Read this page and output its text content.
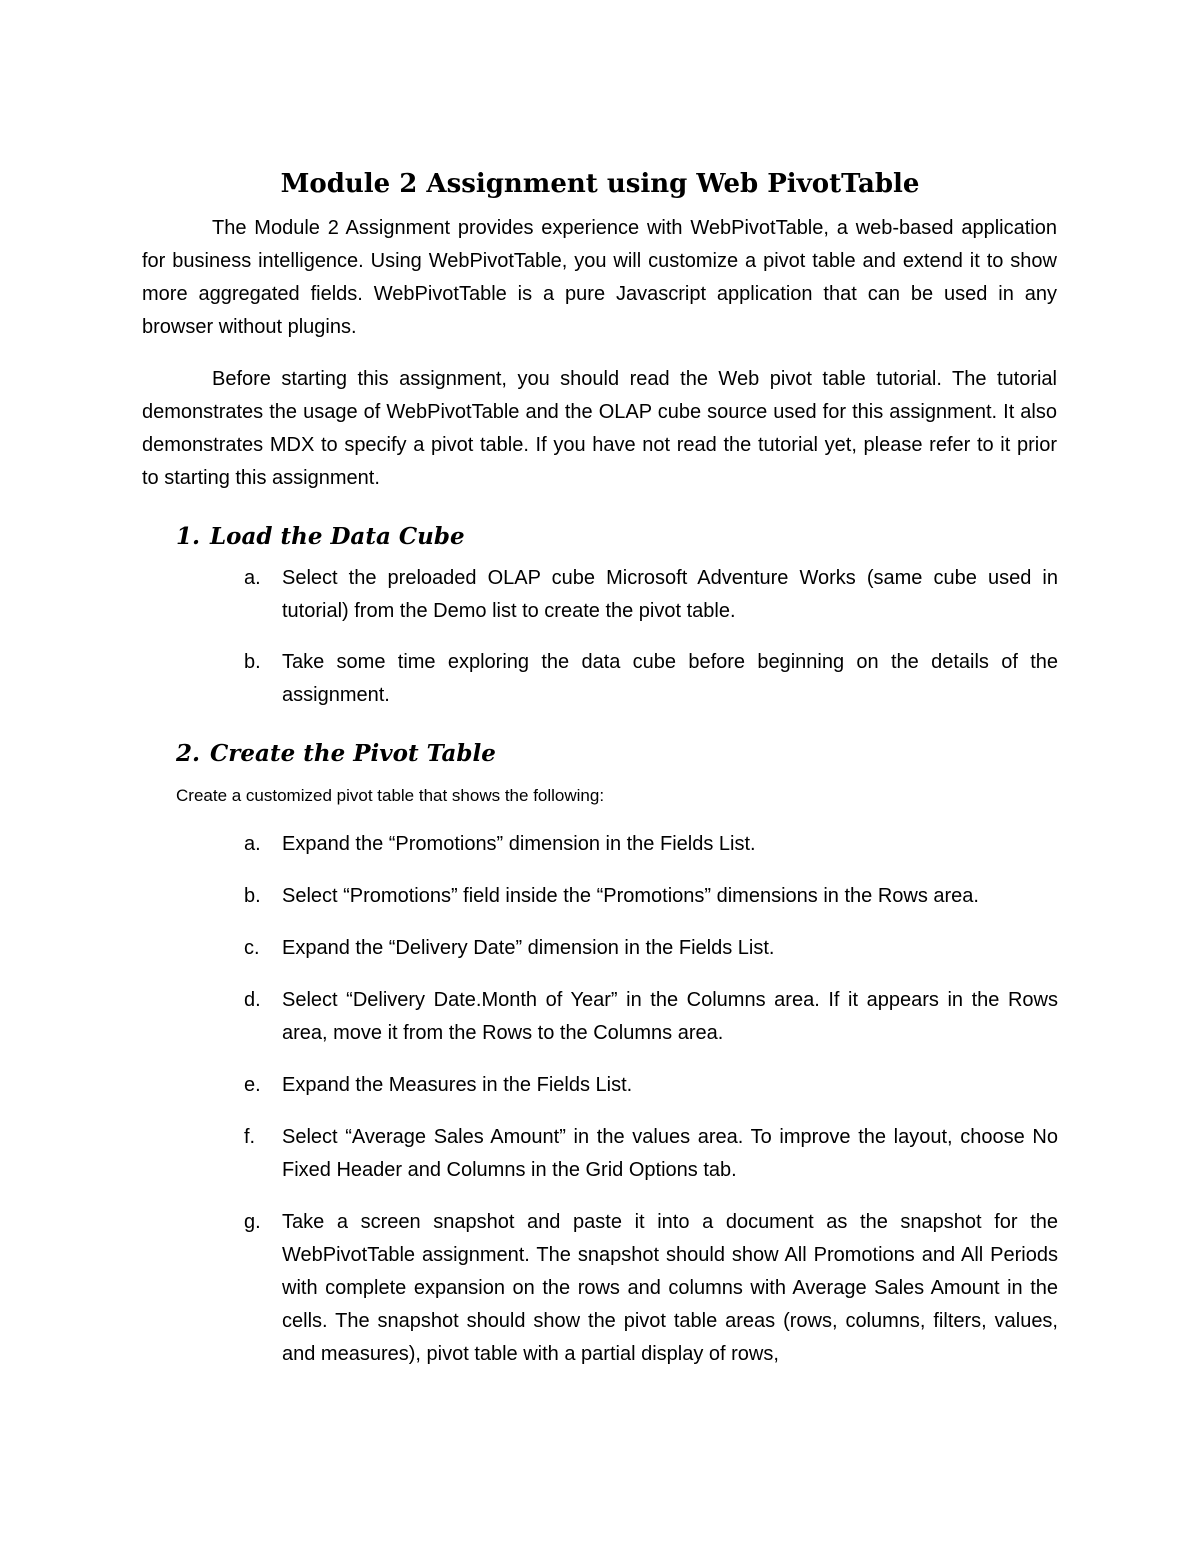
Module 2 Assignment using Web PivotTable

The Module 2 Assignment provides experience with WebPivotTable, a web-based application for business intelligence. Using WebPivotTable, you will customize a pivot table and extend it to show more aggregated fields. WebPivotTable is a pure Javascript application that can be used in any browser without plugins.

Before starting this assignment, you should read the Web pivot table tutorial. The tutorial demonstrates the usage of WebPivotTable and the OLAP cube source used for this assignment. It also demonstrates MDX to specify a pivot table. If you have not read the tutorial yet, please refer to it prior to starting this assignment.

1. Load the Data Cube
a. Select the preloaded OLAP cube Microsoft Adventure Works (same cube used in tutorial) from the Demo list to create the pivot table.
b. Take some time exploring the data cube before beginning on the details of the assignment.
2. Create the Pivot Table

Create a customized pivot table that shows the following:

a. Expand the “Promotions” dimension in the Fields List.
b. Select “Promotions” field inside the “Promotions” dimensions in the Rows area.
c. Expand the “Delivery Date” dimension in the Fields List.
d. Select “Delivery Date.Month of Year” in the Columns area. If it appears in the Rows area, move it from the Rows to the Columns area.
e. Expand the Measures in the Fields List.
f. Select “Average Sales Amount” in the values area. To improve the layout, choose No Fixed Header and Columns in the Grid Options tab.
g. Take a screen snapshot and paste it into a document as the snapshot for the WebPivotTable assignment. The snapshot should show All Promotions and All Periods with complete expansion on the rows and columns with Average Sales Amount in the cells. The snapshot should show the pivot table areas (rows, columns, filters, values, and measures), pivot table with a partial display of rows,
